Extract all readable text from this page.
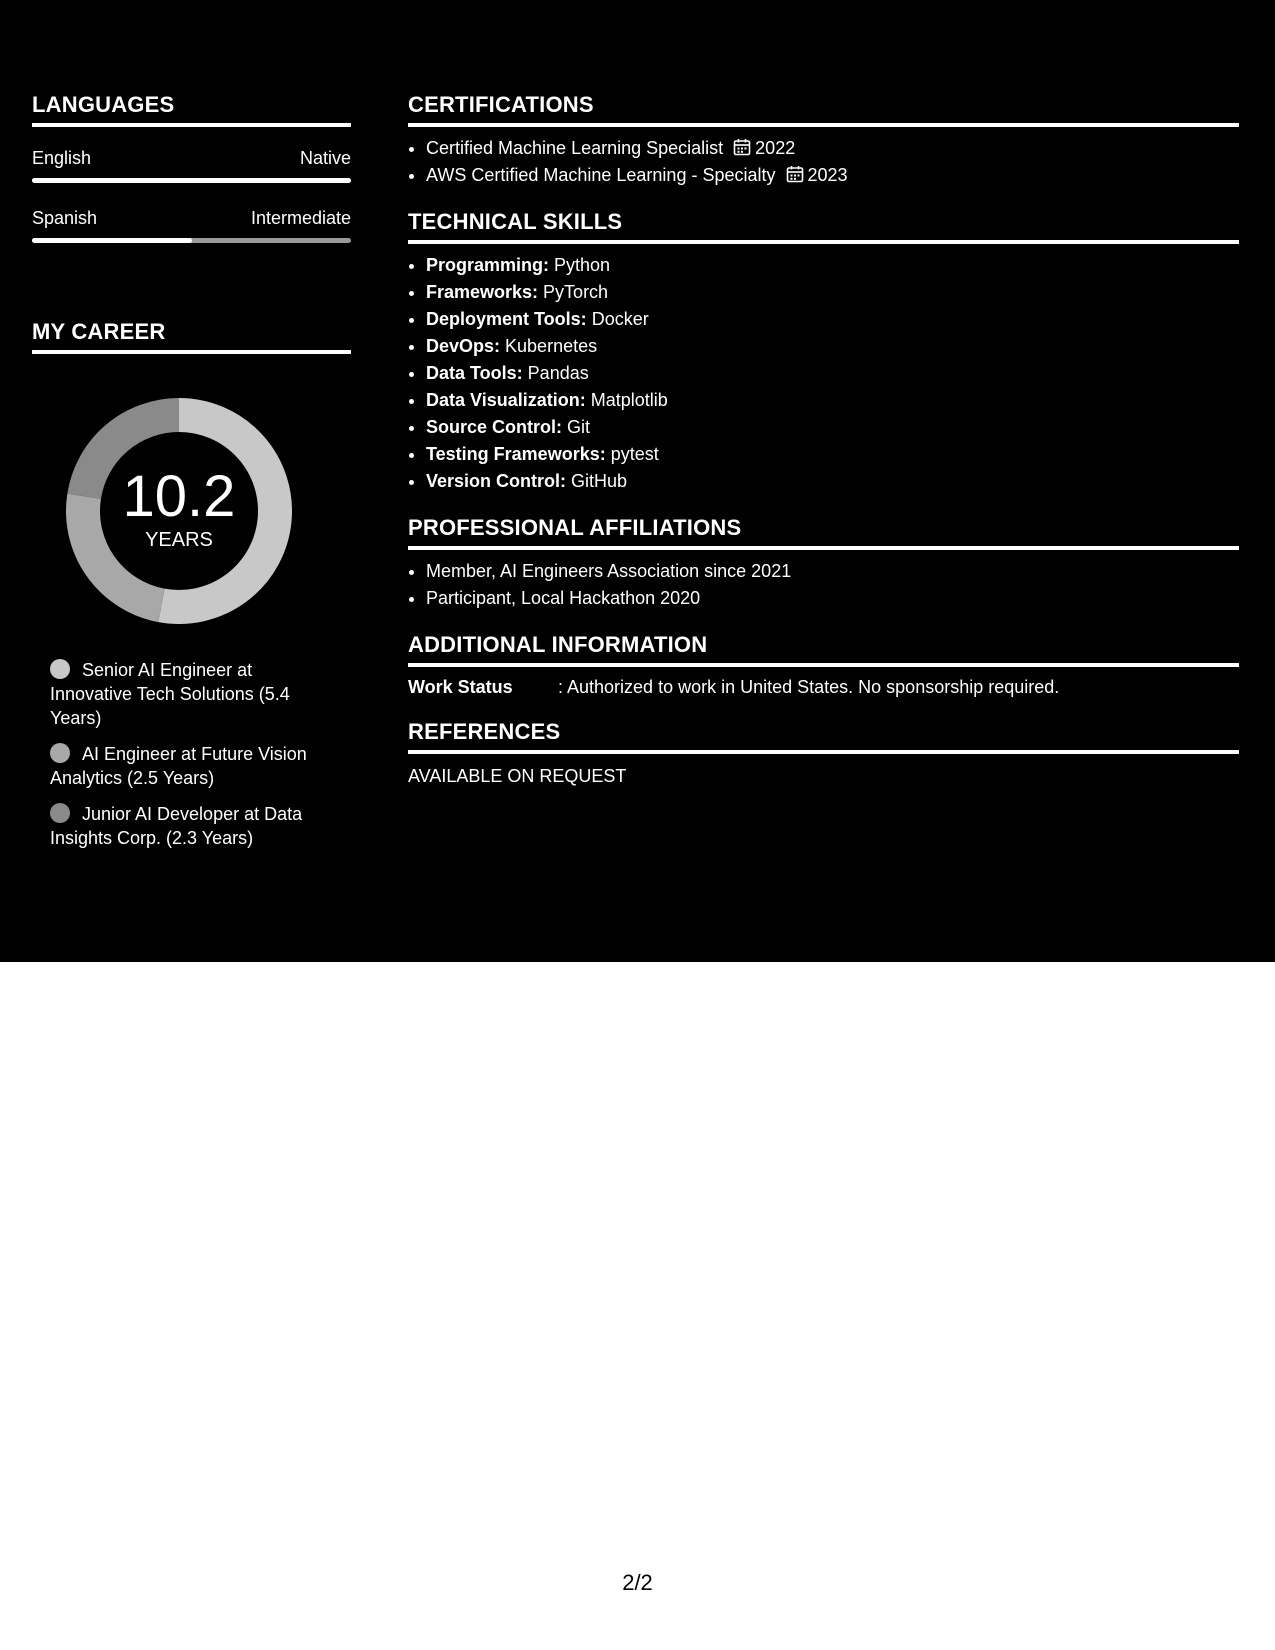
LANGUAGES
English	Native
Spanish	Intermediate
MY CAREER
10.2
YEARS
Senior AI Engineer at Innovative Tech Solutions (5.4 Years)
AI Engineer at Future Vision Analytics (2.5 Years)
Junior AI Developer at Data Insights Corp. (2.3 Years)
CERTIFICATIONS
• Certified Machine Learning Specialist 2022
• AWS Certified Machine Learning - Specialty 2023
TECHNICAL SKILLS
• Programming: Python
• Frameworks: PyTorch
• Deployment Tools: Docker
• DevOps: Kubernetes
• Data Tools: Pandas
• Data Visualization: Matplotlib
• Source Control: Git
• Testing Frameworks: pytest
• Version Control: GitHub
PROFESSIONAL AFFILIATIONS
• Member, AI Engineers Association since 2021
• Participant, Local Hackathon 2020
ADDITIONAL INFORMATION
Work Status	: Authorized to work in United States. No sponsorship required.
REFERENCES
AVAILABLE ON REQUEST
2/2
